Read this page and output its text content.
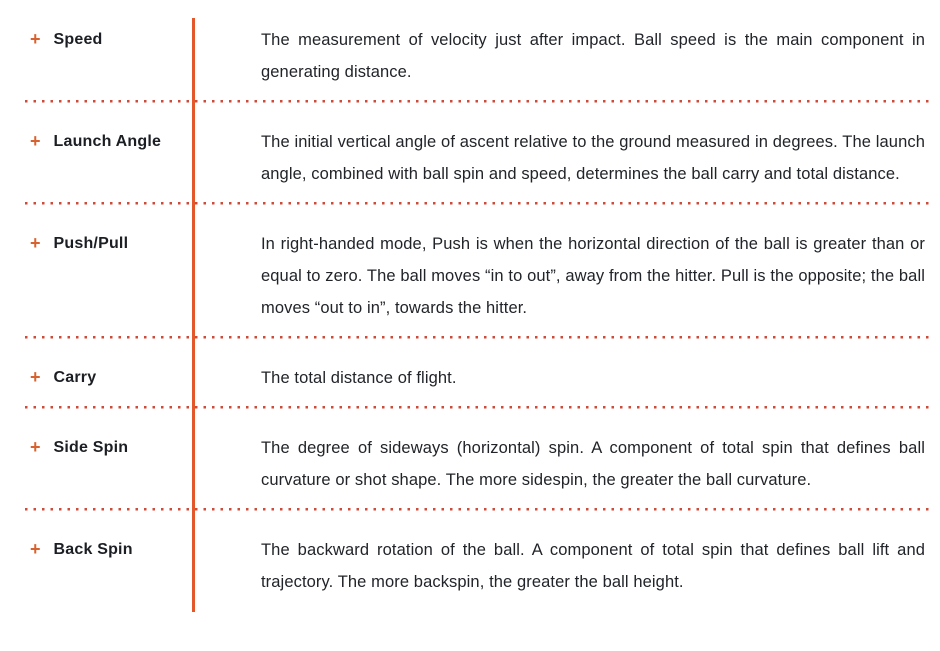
+ Speed	The measurement of velocity just after impact. Ball speed is the main component in generating distance.
+ Launch Angle	The initial vertical angle of ascent relative to the ground measured in degrees. The launch angle, combined with ball spin and speed, determines the ball carry and total distance.
+ Push/Pull	In right-handed mode, Push is when the horizontal direction of the ball is greater than or equal to zero. The ball moves “in to out”, away from the hitter. Pull is the opposite; the ball moves “out to in”, towards the hitter.
+ Carry	The total distance of flight.
+ Side Spin	The degree of sideways (horizontal) spin. A component of total spin that defines ball curvature or shot shape. The more sidespin, the greater the ball curvature.
+ Back Spin	The backward rotation of the ball. A component of total spin that defines ball lift and trajectory. The more backspin, the greater the ball height.
